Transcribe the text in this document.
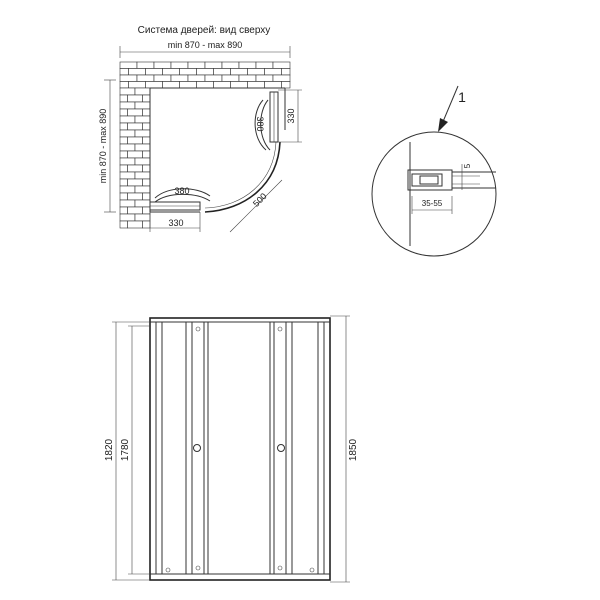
Система дверей: вид сверху
min 870 - max 890
min 870 - max 890	330
380
330
380
500
1
5
35-55
1820 1780	1850
